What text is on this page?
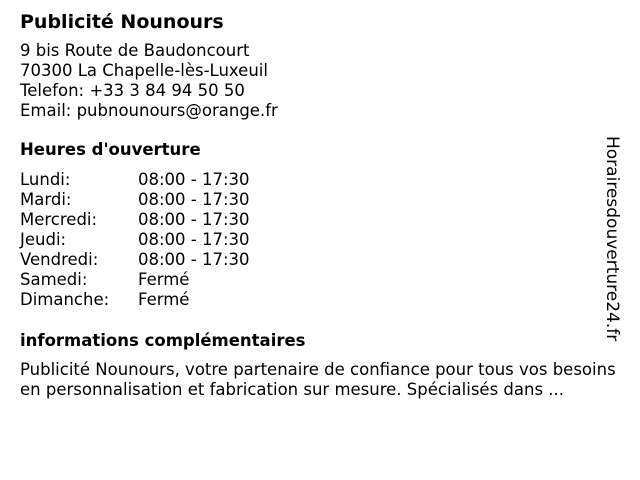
Publicité Nounours
9 bis Route de Baudoncourt
70300 La Chapelle-lès-Luxeuil
Telefon: +33 3 84 94 50 50
Email: pubnounours@orange.fr
Heures d'ouverture
Lundi:	08:00 - 17:30
Mardi:	08:00 - 17:30
Mercredi:	08:00 - 17:30
Jeudi:	08:00 - 17:30
Vendredi:	08:00 - 17:30
Samedi:	Fermé
Dimanche:	Fermé
informations complémentaires
Publicité Nounours, votre partenaire de confiance pour tous vos besoins en personnalisation et fabrication sur mesure. Spécialisés dans ...
Horairesdouverture24.fr
